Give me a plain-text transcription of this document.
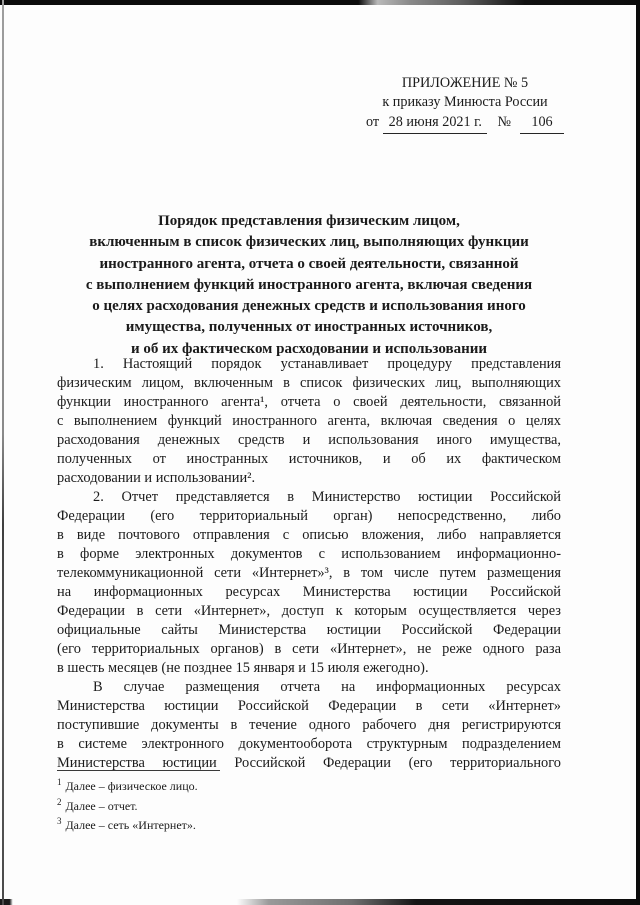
ПРИЛОЖЕНИЕ № 5
к приказу Минюста России
от 28 июня 2021 г.	№	106
Порядок представления физическим лицом,
включенным в список физических лиц, выполняющих функции
иностранного агента, отчета о своей деятельности, связанной
с выполнением функций иностранного агента, включая сведения
о целях расходования денежных средств и использования иного
имущества, полученных от иностранных источников,
и об их фактическом расходовании и использовании
1. Настоящий порядок устанавливает процедуру представления
физическим лицом, включенным в список физических лиц, выполняющих
функции иностранного агента¹, отчета о своей деятельности, связанной
с выполнением функций иностранного агента, включая сведения о целях
расходования денежных средств и использования иного имущества,
полученных от иностранных источников, и об их фактическом
расходовании и использовании².
2. Отчет представляется в Министерство юстиции Российской
Федерации (его территориальный орган) непосредственно, либо
в виде почтового отправления с описью вложения, либо направляется
в форме электронных документов с использованием информационно-
телекоммуникационной сети «Интернет»³, в том числе путем размещения
на информационных ресурсах Министерства юстиции Российской
Федерации в сети «Интернет», доступ к которым осуществляется через
официальные сайты Министерства юстиции Российской Федерации
(его территориальных органов) в сети «Интернет», не реже одного раза
в шесть месяцев (не позднее 15 января и 15 июля ежегодно).
В случае размещения отчета на информационных ресурсах
Министерства юстиции Российской Федерации в сети «Интернет»
поступившие документы в течение одного рабочего дня регистрируются
в системе электронного документооборота структурным подразделением
Министерства юстиции Российской Федерации (его территориального
$^1$ Далее – физическое лицо.
$^2$ Далее – отчет.
$^3$ Далее – сеть «Интернет».
